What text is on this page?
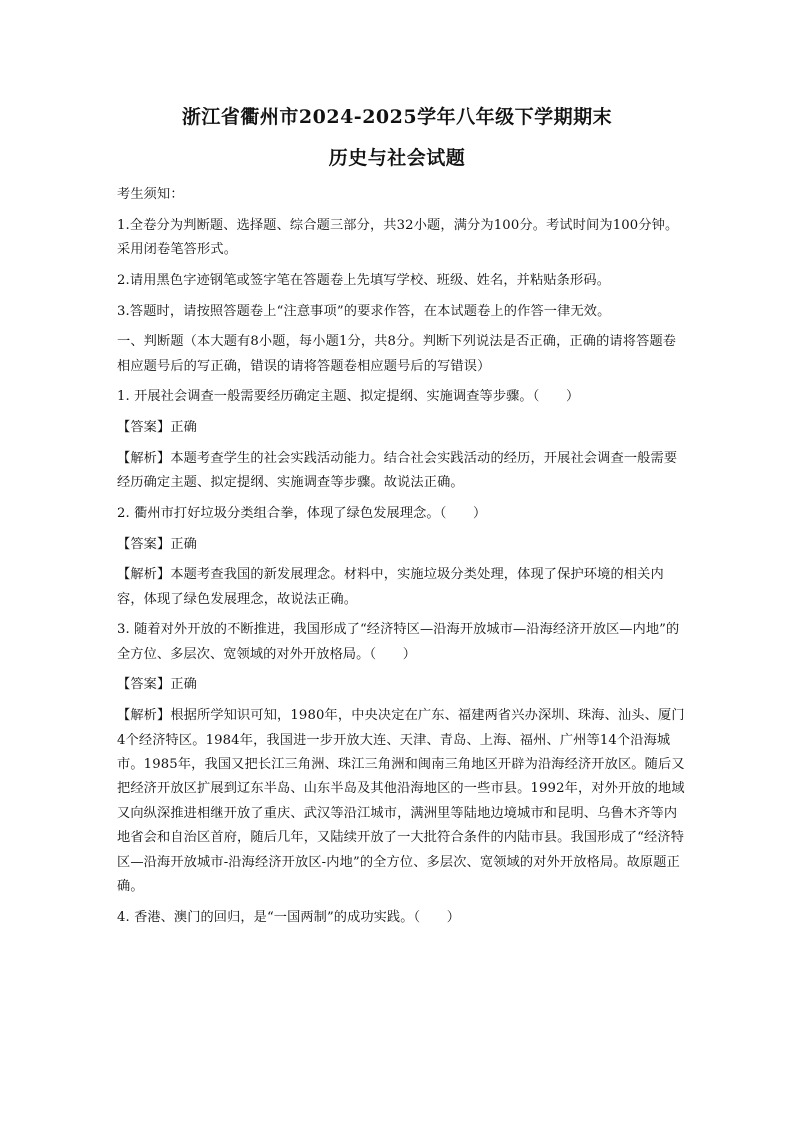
浙江省衢州市2024-2025学年八年级下学期期末
历史与社会试题

考生须知：

1.全卷分为判断题、选择题、综合题三部分，共32小题，满分为100分。考试时间为100分钟。采用闭卷笔答形式。

2.请用黑色字迹钢笔或签字笔在答题卷上先填写学校、班级、姓名，并粘贴条形码。

3.答题时，请按照答题卷上“注意事项”的要求作答，在本试题卷上的作答一律无效。

一、判断题（本大题有8小题，每小题1分，共8分。判断下列说法是否正确，正确的请将答题卷相应题号后的写正确，错误的请将答题卷相应题号后的写错误）

1. 开展社会调查一般需要经历确定主题、拟定提纲、实施调查等步骤。（　　）

【答案】正确

【解析】本题考查学生的社会实践活动能力。结合社会实践活动的经历，开展社会调查一般需要经历确定主题、拟定提纲、实施调查等步骤。故说法正确。

2. 衢州市打好垃圾分类组合拳，体现了绿色发展理念。（　　）

【答案】正确

【解析】本题考查我国的新发展理念。材料中，实施垃圾分类处理，体现了保护环境的相关内容，体现了绿色发展理念，故说法正确。

3. 随着对外开放的不断推进，我国形成了“经济特区—沿海开放城市—沿海经济开放区—内地”的全方位、多层次、宽领域的对外开放格局。（　　）

【答案】正确

【解析】根据所学知识可知，1980年，中央决定在广东、福建两省兴办深圳、珠海、汕头、厦门4个经济特区。1984年，我国进一步开放大连、天津、青岛、上海、福州、广州等14个沿海城市。1985年，我国又把长江三角洲、珠江三角洲和闽南三角地区开辟为沿海经济开放区。随后又把经济开放区扩展到辽东半岛、山东半岛及其他沿海地区的一些市县。1992年，对外开放的地域又向纵深推进相继开放了重庆、武汉等沿江城市，满洲里等陆地边境城市和昆明、乌鲁木齐等内地省会和自治区首府，随后几年，又陆续开放了一大批符合条件的内陆市县。我国形成了“经济特区—沿海开放城市-沿海经济开放区-内地”的全方位、多层次、宽领域的对外开放格局。故原题正确。

4. 香港、澳门的回归，是“一国两制”的成功实践。（　　）
